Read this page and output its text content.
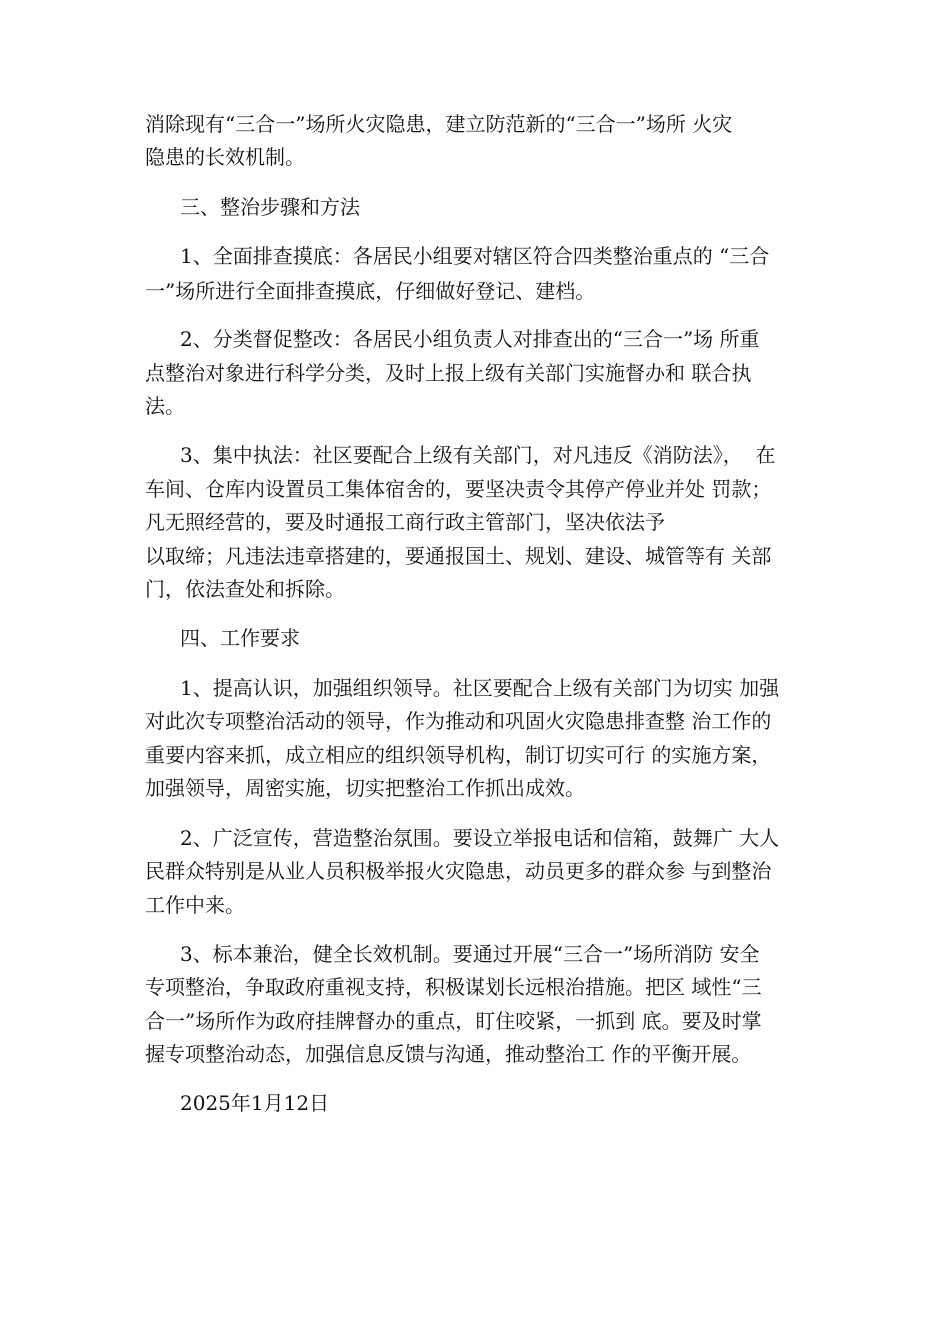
消除现有“三合一”场所火灾隐患，建立防范新的“三合一”场所 火灾
隐患的长效机制。
三、整治步骤和方法
1、全面排查摸底：各居民小组要对辖区符合四类整治重点的 “三合
一”场所进行全面排查摸底，仔细做好登记、建档。
2、分类督促整改：各居民小组负责人对排查出的“三合一”场 所重
点整治对象进行科学分类，及时上报上级有关部门实施督办和 联合执
法。
3、集中执法：社区要配合上级有关部门，对凡违反《消防法》，  在
车间、仓库内设置员工集体宿舍的，要坚决责令其停产停业并处 罚款；
凡无照经营的，要及时通报工商行政主管部门，坚决依法予
以取缔；凡违法违章搭建的，要通报国土、规划、建设、城管等有 关部
门，依法查处和拆除。
四、工作要求
1、提高认识，加强组织领导。社区要配合上级有关部门为切实 加强
对此次专项整治活动的领导，作为推动和巩固火灾隐患排查整 治工作的
重要内容来抓，成立相应的组织领导机构，制订切实可行 的实施方案，
加强领导，周密实施，切实把整治工作抓出成效。
2、广泛宣传，营造整治氛围。要设立举报电话和信箱，鼓舞广 大人
民群众特别是从业人员积极举报火灾隐患，动员更多的群众参 与到整治
工作中来。
3、标本兼治，健全长效机制。要通过开展“三合一”场所消防 安全
专项整治，争取政府重视支持，积极谋划长远根治措施。把区 域性“三
合一”场所作为政府挂牌督办的重点，盯住咬紧，一抓到 底。要及时掌
握专项整治动态，加强信息反馈与沟通，推动整治工 作的平衡开展。
2025年1月12日
